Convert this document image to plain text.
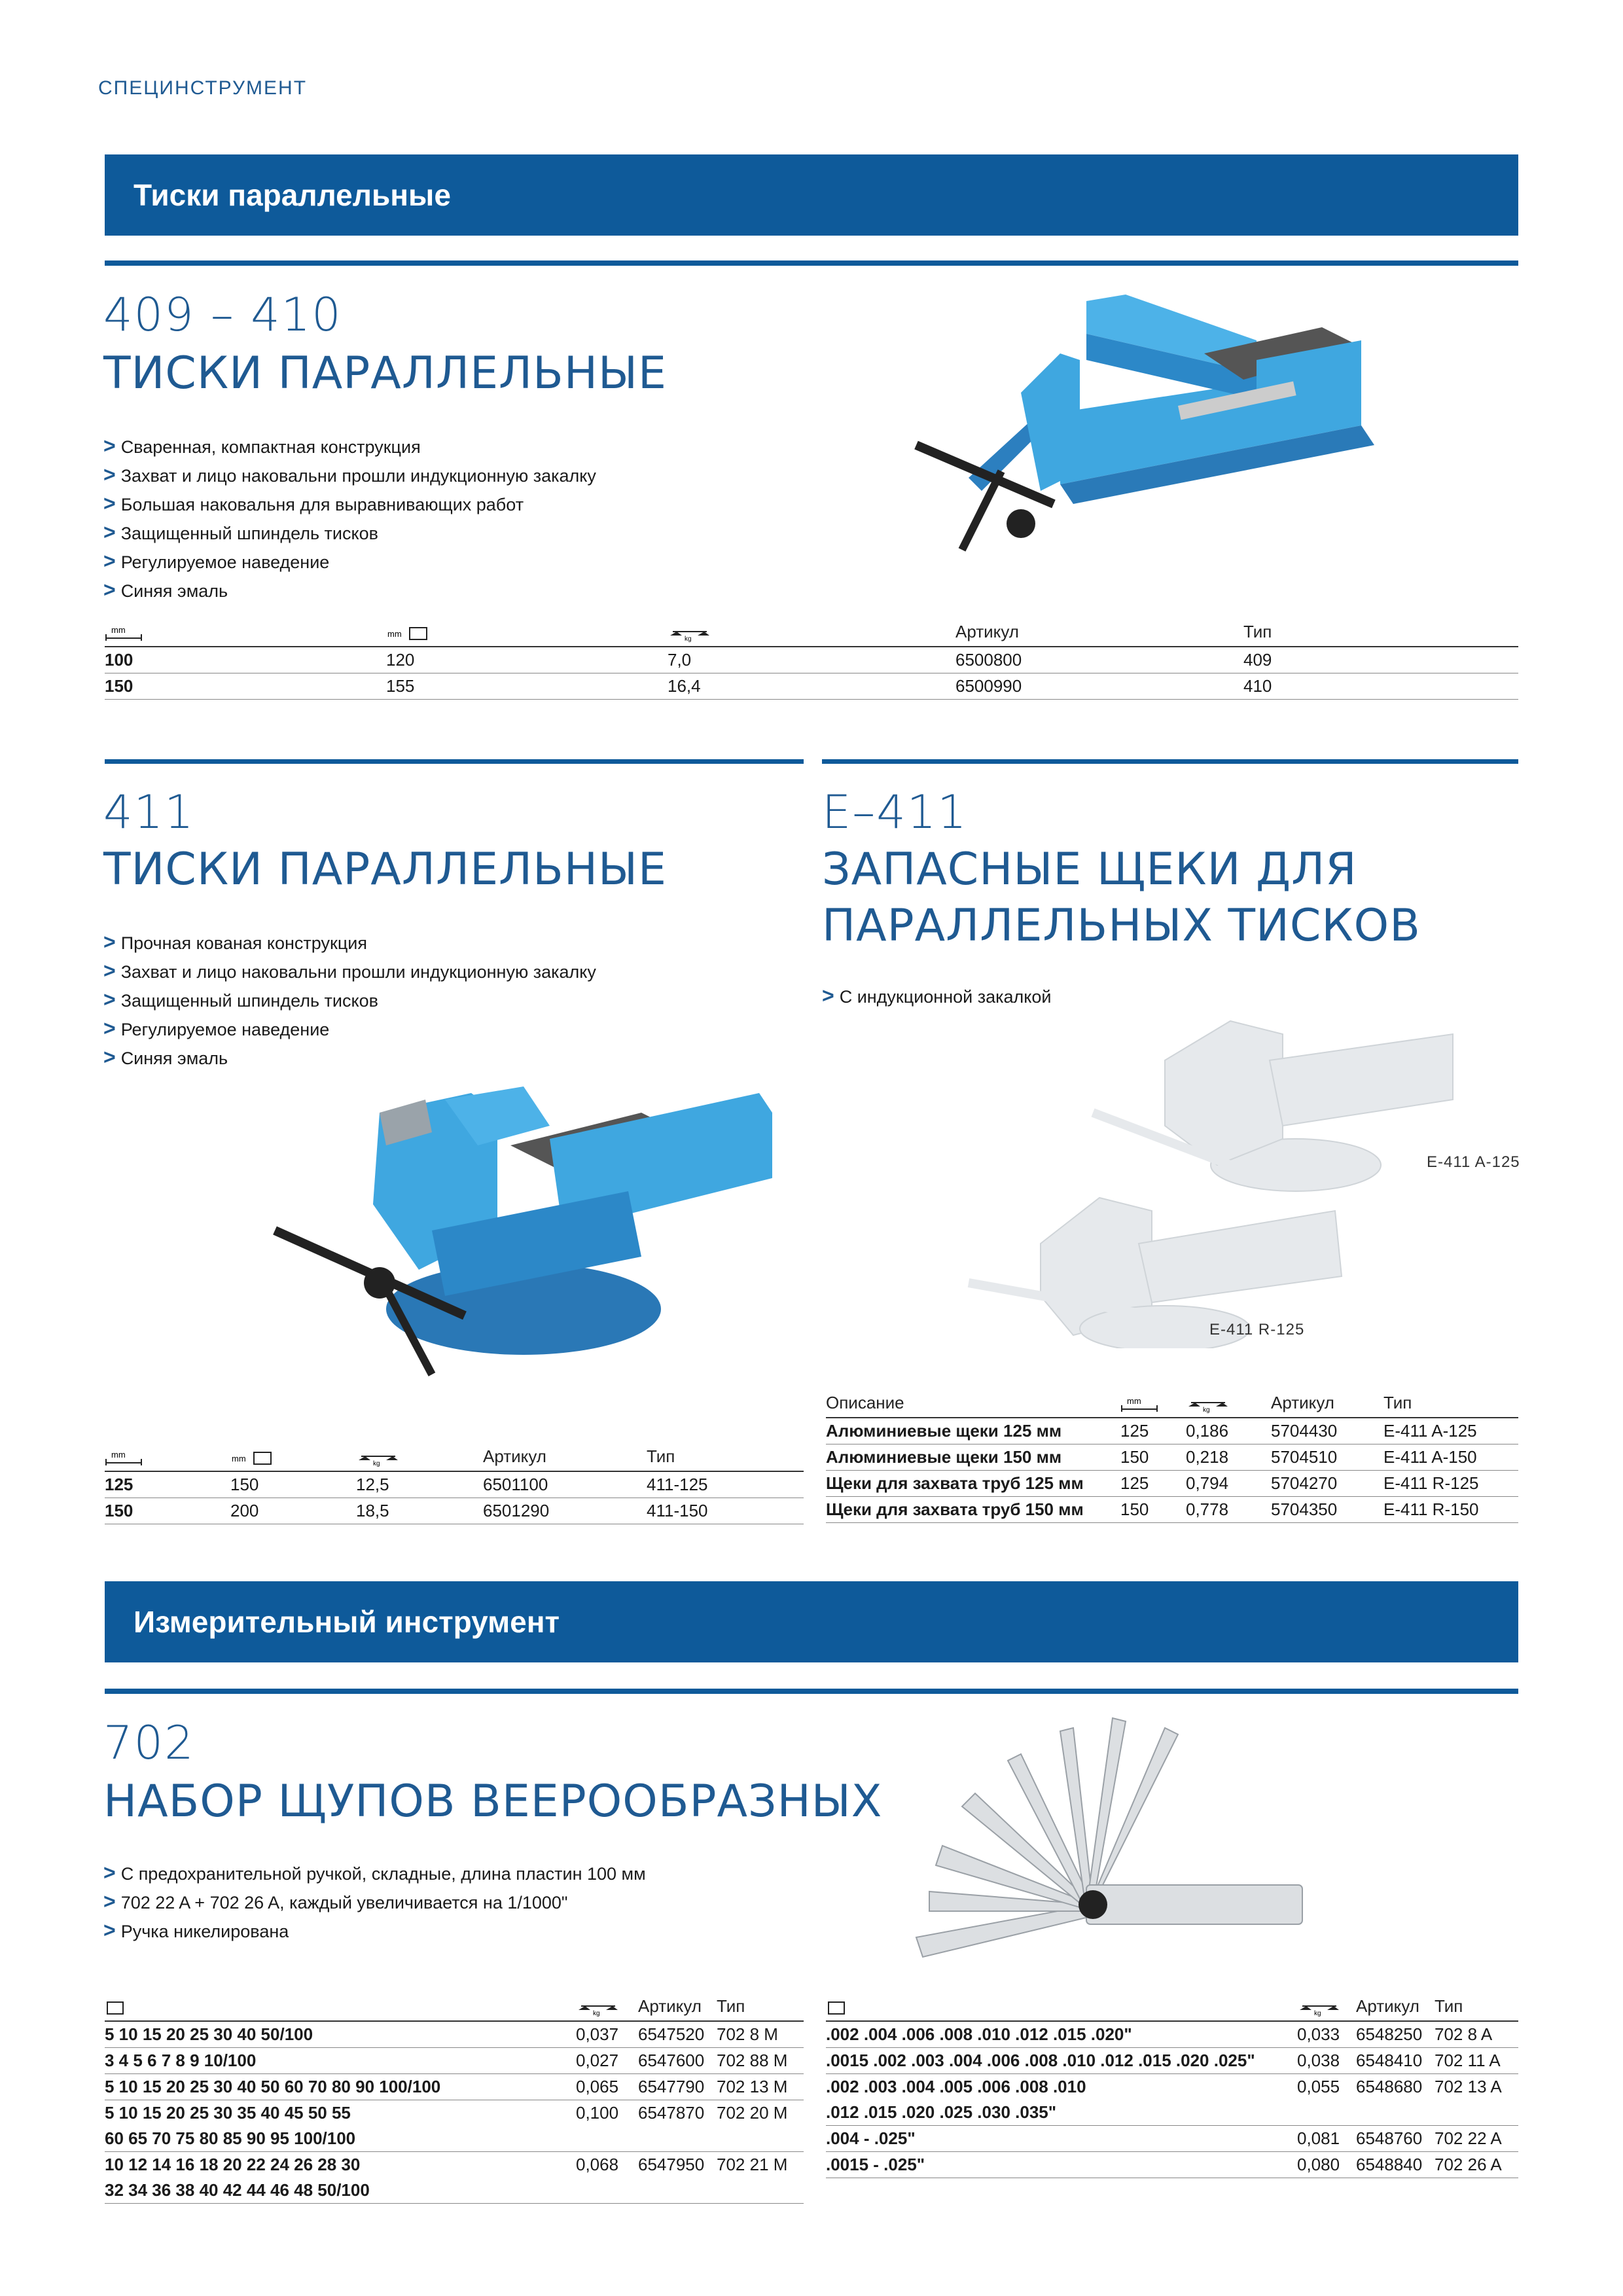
СПЕЦИНСТРУМЕНТ
Тиски параллельные
409 – 410
ТИСКИ ПАРАЛЛЕЛЬНЫЕ
> Сваренная, компактная конструкция
> Захват и лицо наковальни прошли индукционную закалку
> Большая наковальня для выравнивающих работ
> Защищенный шпиндель тисков
> Регулируемое наведение
> Синяя эмаль
mm	mm	kg	Артикул	Тип
100	120	7,0	6500800	409
150	155	16,4	6500990	410
411
ТИСКИ ПАРАЛЛЕЛЬНЫЕ
> Прочная кованая конструкция
> Захват и лицо наковальни прошли индукционную закалку
> Защищенный шпиндель тисков
> Регулируемое наведение
> Синяя эмаль
mm	mm	kg	Артикул	Тип
125	150	12,5	6501100	411-125
150	200	18,5	6501290	411-150
E–411
ЗАПАСНЫЕ ЩЕКИ ДЛЯ
ПАРАЛЛЕЛЬНЫХ ТИСКОВ
> С индукционной закалкой
E-411 A-125
E-411 R-125
Описание	mm	kg	Артикул	Тип
Алюминиевые щеки 125 мм	125	0,186	5704430	E-411 A-125
Алюминиевые щеки 150 мм	150	0,218	5704510	E-411 A-150
Щеки для захвата труб 125 мм	125	0,794	5704270	E-411 R-125
Щеки для захвата труб 150 мм	150	0,778	5704350	E-411 R-150
Измерительный инструмент
702
НАБОР ЩУПОВ ВЕЕРООБРАЗНЫХ
> С предохранительной ручкой, складные, длина пластин 100 мм
> 702 22 A + 702 26 A, каждый увеличивается на 1/1000"
> Ручка никелирована

kg	Артикул	Тип
5 10 15 20 25 30 40 50/100	0,037	6547520	702 8 M
3 4 5 6 7 8 9 10/100	0,027	6547600	702 88 M
5 10 15 20 25 30 40 50 60 70 80 90 100/100	0,065	6547790	702 13 M
5 10 15 20 25 30 35 40 45 50 55	0,100	6547870	702 20 M
60 65 70 75 80 85 90 95 100/100			
10 12 14 16 18 20 22 24 26 28 30	0,068	6547950	702 21 M
32 34 36 38 40 42 44 46 48 50/100			

kg	Артикул	Тип
.002 .004 .006 .008 .010 .012 .015 .020"	0,033	6548250	702 8 A
.0015 .002 .003 .004 .006 .008 .010 .012 .015 .020 .025"	0,038	6548410	702 11 A
.002 .003 .004 .005 .006 .008 .010	0,055	6548680	702 13 A
.012 .015 .020 .025 .030 .035"			
.004 - .025"	0,081	6548760	702 22 A
.0015 - .025"	0,080	6548840	702 26 A
